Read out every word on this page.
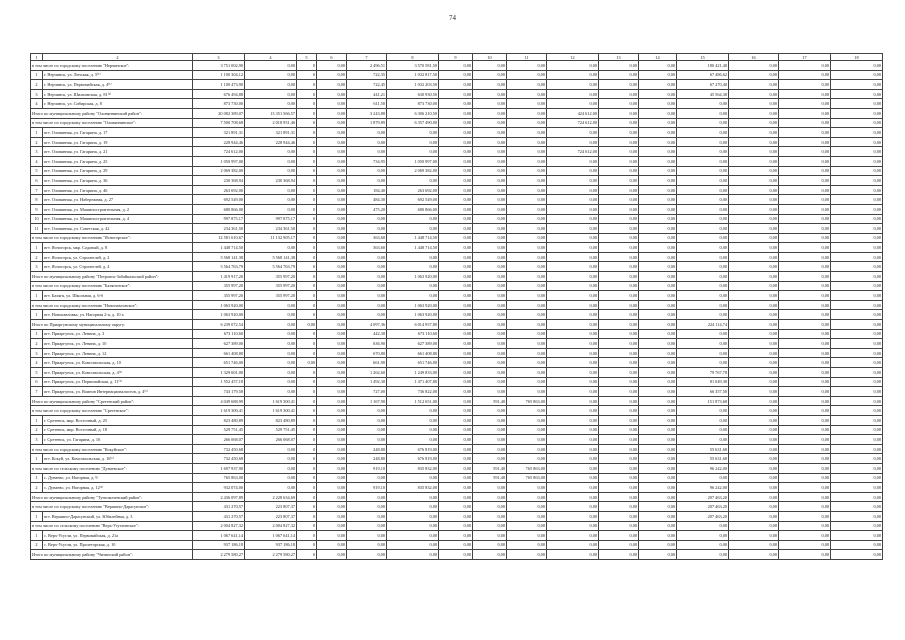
74
1	2	3	4	5	6	7	8	9	10	11	12	13	14	15	16	17	18
в том числе по городскому поселению "Нерчинское":		3 751 002,90	0,00	0	0,00	2 496,51	3 570 581,50	0,00	0,00	0,00	0,00	0,00	0,00	180 421,40	0,00	0,00	0,00
1	г. Нерчинск, ул. Ленская, д. 5⁽¹⁾	1 100 304,12	0,00	0	0,00	722,35	1 032 817,50	0,00	0,00	0,00	0,00	0,00	0,00	67 486,62	0,00	0,00	0,00
2	г. Нерчинск, ул. Первомайская, д. 4⁽¹⁾	1 100 473,90	0,00	0	0,00	722,45	1 032 203,50	0,00	0,00	0,00	0,00	0,00	0,00	67 270,40	0,00	0,00	0,00
3	г. Нерчинск, ул. Шилкинская, д. 81⁽¹⁾	676 494,88	0,00	0	0,00	441,21	630 930,50	0,00	0,00	0,00	0,00	0,00	0,00	45 564,38	0,00	0,00	0,00
4	г. Нерчинск, ул. Сибирская, д. 8	873 730,00	0,00	0	0,00	611,50	873 730,00	0,00	0,00	0,00	0,00	0,00	0,00	0,00	0,00	0,00	0,00
Итого по муниципальному району "Оловяннинский район":		20 082 389,07	13 351 566,57	0	0,00	3 243,88	6 306 210,50	0,00	0,00	0,00	424 612,00	0,00	0,00	0,00	0,00	0,00	0,00
в том числе по городскому поселению "Оловяннинское":		7 500 708,68	2 018 951,46	0	0,00	1 879,89	6 357 490,00	0,00	0,00	0,00	724 612,00	0,00	0,00	0,00	0,00	0,00	0,00
1	пгт. Оловянная, ул. Гагарина, д. 17	321 891,31	321 891,31	0	0,00	0,00	0,00	0,00	0,00	0,00	0,00	0,00	0,00	0,00	0,00	0,00	0,00
2	пгт. Оловянная, ул. Гагарина, д. 19	228 944,46	228 944,46	0	0,00	0,00	0,00	0,00	0,00	0,00	0,00	0,00	0,00	0,00	0,00	0,00	0,00
3	пгт. Оловянная, ул. Гагарина, д. 21	724 612,00	0,00	0	0,00	0,00	0,00	0,00	0,00	0,00	724 612,00	0,00	0,00	0,00	0,00	0,00	0,00
4	пгт. Оловянная, ул. Гагарина, д. 25	1 050 997,00	0,00	0	0,00	734,95	1 050 997,00	0,00	0,00	0,00	0,00	0,00	0,00	0,00	0,00	0,00	0,00
5	пгт. Оловянная, ул. Гагарина, д. 29	2 069 382,00	0,00	0	0,00	0,00	2 069 382,00	0,00	0,00	0,00	0,00	0,00	0,00	0,00	0,00	0,00	0,00
6	пгт. Оловянная, ул. Гагарина, д. 36	230 368,94	230 368,94	0	0,00	0,00	0,00	0,00	0,00	0,00	0,00	0,00	0,00	0,00	0,00	0,00	0,00
7	пгт. Оловянная, ул. Гагарина, д. 46	263 692,00	0,00	0	0,00	184,40	263 692,00	0,00	0,00	0,00	0,00	0,00	0,00	0,00	0,00	0,00	0,00
8	пгт. Оловянная, ул. Набережная, д. 27	692 549,00	0,00	0	0,00	484,30	692 549,00	0,00	0,00	0,00	0,00	0,00	0,00	0,00	0,00	0,00	0,00
9	пгт. Оловянная, ул. Машиностроительная, д. 2	680 866,00	0,00	0	0,00	475,20	680 866,00	0,00	0,00	0,00	0,00	0,00	0,00	0,00	0,00	0,00	0,00
10	пгт. Оловянная, ул. Машиностроительная, д. 4	997 875,17	997 875,17	0	0,00	0,00	0,00	0,00	0,00	0,00	0,00	0,00	0,00	0,00	0,00	0,00	0,00
11	пгт. Оловянная, ул. Советская, д. 42	234 361,50	234 361,50	0	0,00	0,00	0,00	0,00	0,00	0,00	0,00	0,00	0,00	0,00	0,00	0,00	0,00
в том числе по городскому поселению "Ясногорское":		12 581 610,67	11 132 905,17	0	0,00	363,60	1 448 714,50	0,00	0,00	0,00	0,00	0,00	0,00	0,00	0,00	0,00	0,00
1	пгт. Ясногорск, мкр. Садовый, д. 8	1 448 714,50	0,00	0	0,00	363,60	1 448 714,50	0,00	0,00	0,00	0,00	0,00	0,00	0,00	0,00	0,00	0,00
2	пгт. Ясногорск, ул. Строителей, д. 2	5 568 141,38	5 568 141,38	0	0,00	0,00	0,00	0,00	0,00	0,00	0,00	0,00	0,00	0,00	0,00	0,00	0,00
3	пгт. Ясногорск, ул. Строителей, д. 4	5 564 763,79	5 564 763,79	0	0,00	0,00	0,00	0,00	0,00	0,00	0,00	0,00	0,00	0,00	0,00	0,00	0,00
Итого по муниципальному району "Петровск-Забайкальский район":		1 419 917,20	355 997,20	0	0,00	0,00	1 063 920,00	0,00	0,00	0,00	0,00	0,00	0,00	0,00	0,00	0,00	0,00
в том числе по городскому поселению "Балягинское":		355 997,20	355 997,20	0	0,00	0,00	0,00	0,00	0,00	0,00	0,00	0,00	0,00	0,00	0,00	0,00	0,00
1	пгт. Балягя, ул. Школьная, д. 6-б	355 997,20	355 997,20	0	0,00	0,00	0,00	0,00	0,00	0,00	0,00	0,00	0,00	0,00	0,00	0,00	0,00
в том числе по городскому поселению "Новопавловское":		1 063 920,00	0,00	0	0,00	0,00	1 063 920,00	0,00	0,00	0,00	0,00	0,00	0,00	0,00	0,00	0,00	0,00
1	пгт. Новопавловка, ул. Нагорная 2-я, д. 10 а	1 063 920,00	0,00	0	0,00	0,00	1 063 920,00	0,00	0,00	0,00	0,00	0,00	0,00	0,00	0,00	0,00	0,00
Итого по Приаргунскому муниципальному округу:		6 239 072,54	0,00	0,00	0,00	4 097,36	6 014 957,80	0,00	0,00	0,00	0,00	0,00	0,00	224 114,74	0,00	0,00	0,00
1	пгт. Приаргунск, ул. Ленина, д. 3	673 110,60	0,00	0	0,00	442,30	673 110,60	0,00	0,00	0,00	0,00	0,00	0,00	0,00	0,00	0,00	0,00
2	пгт. Приаргунск, ул. Ленина, д. 10	627 389,00	0,00	0	0,00	636,90	627 389,00	0,00	0,00	0,00	0,00	0,00	0,00	0,00	0,00	0,00	0,00
3	пгт. Приаргунск, ул. Ленина, д. 12	661 408,80	0,00	0	0,00	670,80	661 408,80	0,00	0,00	0,00	0,00	0,00	0,00	0,00	0,00	0,00	0,00
4	пгт. Приаргунск, ул. Комсомольская, д. 10	651 746,00	0,00	0,00	0,00	661,90	651 746,00	0,00	0,00	0,00	0,00	0,00	0,00	0,00	0,00	0,00	0,00
5	пгт. Приаргунск, ул. Комсомольская, д. 4⁽¹⁾	1 329 601,00	0,00	0	0,00	1 262,60	1 249 833,00	0,00	0,00	0,00	0,00	0,00	0,00	79 767,78	0,00	0,00	0,00
6	пгт. Приаргунск, ул. Первомайская, д. 11⁽¹⁾	1 552 457,18	0,00	0	0,00	1 492,30	1 471 407,80	0,00	0,00	0,00	0,00	0,00	0,00	81 049,38	0,00	0,00	0,00
7	пгт. Приаргунск, ул. Воинов Интернационалистов, д. 4⁽¹⁾	743 179,58	0,00	0	0,00	727,00	736 822,00	0,00	0,00	0,00	0,00	0,00	0,00	66 357,58	0,00	0,00	0,00
Итого по муниципальному району "Сретенский район":		4 049 688,99	1 619 300,41	0	0,00	1 167,90	1 512 651,00	0,00	591,40	765 863,00	0,00	0,00	0,00	151 873,68	0,00	0,00	0,00
в том числе по городскому поселению "Сретенское":		1 619 300,41	1 619 300,41	0	0,00	0,00	0,00	0,00	0,00	0,00	0,00	0,00	0,00	0,00	0,00	0,00	0,00
1	г. Сретенск, мкр. Восточный, д. 25	823 480,89	823 480,89	0	0,00	0,00	0,00	0,00	0,00	0,00	0,00	0,00	0,00	0,00	0,00	0,00	0,00
2	г. Сретенск, мкр. Восточный, д. 18	529 751,45	529 751,45	0	0,00	0,00	0,00	0,00	0,00	0,00	0,00	0,00	0,00	0,00	0,00	0,00	0,00
3	г. Сретенск, ул. Гагарина, д. 16	266 068,07	266 068,07	0	0,00	0,00	0,00	0,00	0,00	0,00	0,00	0,00	0,00	0,00	0,00	0,00	0,00
в том числе по городскому поселению "Кокуйское":		732 450,68	0,00	0	0,00	248,80	676 819,00	0,00	0,00	0,00	0,00	0,00	0,00	55 631,68	0,00	0,00	0,00
1	пгт. Кокуй, ул. Комсомольская, д. 16⁽¹⁾	732 450,68	0,00	0	0,00	248,80	676 819,00	0,00	0,00	0,00	0,00	0,00	0,00	55 631,68	0,00	0,00	0,00
в том числе по сельскому поселению "Дунаевское":		1 697 937,90	0,00	0	0,00	919,10	835 832,00	0,00	591,40	765 863,00	0,00	0,00	0,00	96 242,00	0,00	0,00	0,00
1	с. Дунаево, ул. Нагорная, д. 9	765 863,00	0,00	0	0,00	0,00	0,00	0,00	591,40	765 863,00	0,00	0,00	0,00	0,00	0,00	0,00	0,00
2	с. Дунаево, ул. Нагорная, д. 12⁽¹⁾	932 074,00	0,00	0	0,00	919,10	835 832,00	0,00	0,00	0,00	0,00	0,00	0,00	96 242,00	0,00	0,00	0,00
Итого по муниципальному району "Тунгокоченский район":		2 436 097,89	2 228 634,69	0	0,00	0,00	0,00	0,00	0,00	0,00	0,00	0,00	0,00	207 463,20	0,00	0,00	0,00
в том числе по городскому поселению "Вершино-Дарасунское":		431 270,57	223 807,37	0	0,00	0,00	0,00	0,00	0,00	0,00	0,00	0,00	0,00	207 463,20	0,00	0,00	0,00
1	пгт. Вершино-Дарасунский, ул. Юбилейная, д. 3	431 270,57	223 807,37	0	0,00	0,00	0,00	0,00	0,00	0,00	0,00	0,00	0,00	207 463,20	0,00	0,00	0,00
в том числе по сельскому поселению "Верх-Усуглинское":		2 004 827,32	2 004 827,32	0	0,00	0,00	0,00	0,00	0,00	0,00	0,00	0,00	0,00	0,00	0,00	0,00	0,00
1	с. Верх-Усугли, ул. Первомайская, д. 21а	1 067 641,14	1 067 641,14	0	0,00	0,00	0,00	0,00	0,00	0,00	0,00	0,00	0,00	0,00	0,00	0,00	0,00
2	с. Верх-Усугли, ул. Пролетарская, д. 10	937 186,18	937 186,18	0	0,00	0,00	0,00	0,00	0,00	0,00	0,00	0,00	0,00	0,00	0,00	0,00	0,00
Итого по муниципальному району "Читинский район":		2 279 580,27	2 279 580,27	0	0,00	0,00	0,00	0,00	0,00	0,00	0,00	0,00	0,00	0,00	0,00	0,00	0,00
